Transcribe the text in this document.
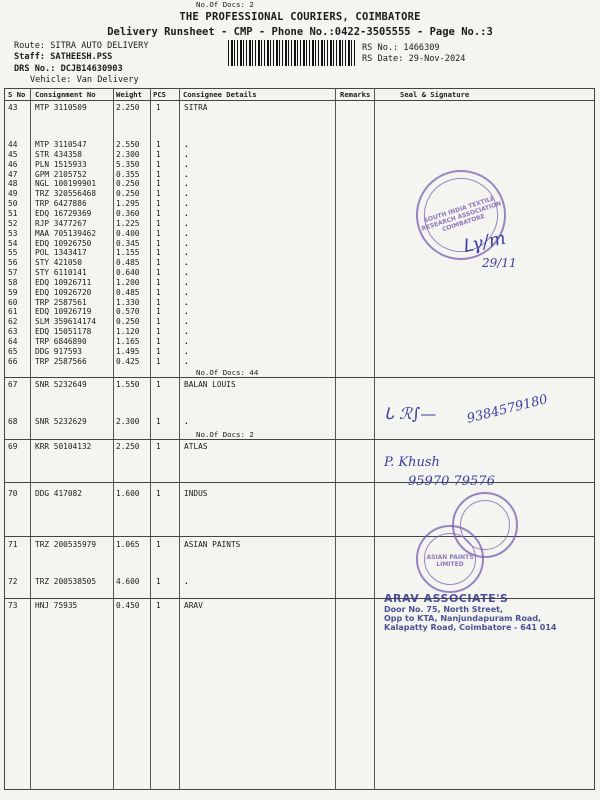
THE PROFESSIONAL COURIERS, COIMBATORE
Delivery Runsheet - CMP - Phone No.:0422-3505555 - Page No.:3
Route: SITRA AUTO DELIVERY
Staff: SATHEESH.PSS
DRS No.: DCJB14630903
Vehicle: Van Delivery
RS No.: 1466309
RS Date: 29-Nov-2024
S No Consignment No	Weight PCS Consignee Details	Remarks	Seal & Signature
43 MTP 3110509	2.250 1	SITRA
44 MTP 3110547	2.550 1	.
45 STR 434358	2.300 1	.
46 PLN 1515933	5.350 1	.
47 GPM 2105752	0.355 1	.
48 NGL 100199901	0.250 1	.
49 TRZ 320556468	0.250 1	.
50 TRP 6427886	1.295 1	.
51 EDQ 16729369	0.360 1	.
52 RJP 3477267	1.225 1	.
53 MAA 705139462	0.400 1	.
54 EDQ 10926750	0.345 1	.
55 POL 1343417	1.155 1	.
56 STY 421050	0.485 1	.
57 STY 6110141	0.640 1	.
58 EDQ 10926711	1.200 1	.
59 EDQ 10926720	0.485 1	.
60 TRP 2587561	1.330 1	.
61 EDQ 10926719	0.570 1	.
62 SLM 359614174	0.250 1	.
63 EDQ 15051178	1.120 1	.
64 TRP 6846890	1.165 1	.
65 DDG 917593	1.495 1	.
66 TRP 2587566	0.425 1	.
No.Of Docs: 44
67 SNR 5232649	1.550 1	BALAN LOUIS
68 SNR 5232629	2.300 1	.
No.Of Docs: 2
69 KRR 50104132	2.250 1	ATLAS
70 DDG 417082	1.600 1	INDUS
71 TRZ 200535979	1.065 1	ASIAN PAINTS
72 TRZ 200538505	4.600 1	.
No.Of Docs: 2
73 HNJ 75935	0.450 1	ARAV
SOUTH INDIA TEXTILE RESEARCH ASSOCIATION COIMBATORE
ᒪγ/m
29/11
ᒐ ℛ∫— 9384579180
P. Khush
95970 79576
ASIAN PAINTS LIMITED
ARAV ASSOCIATE'S
Door No. 75, North Street,
Opp to KTA, Nanjundapuram Road,
Kalapatty Road, Coimbatore - 641 014
